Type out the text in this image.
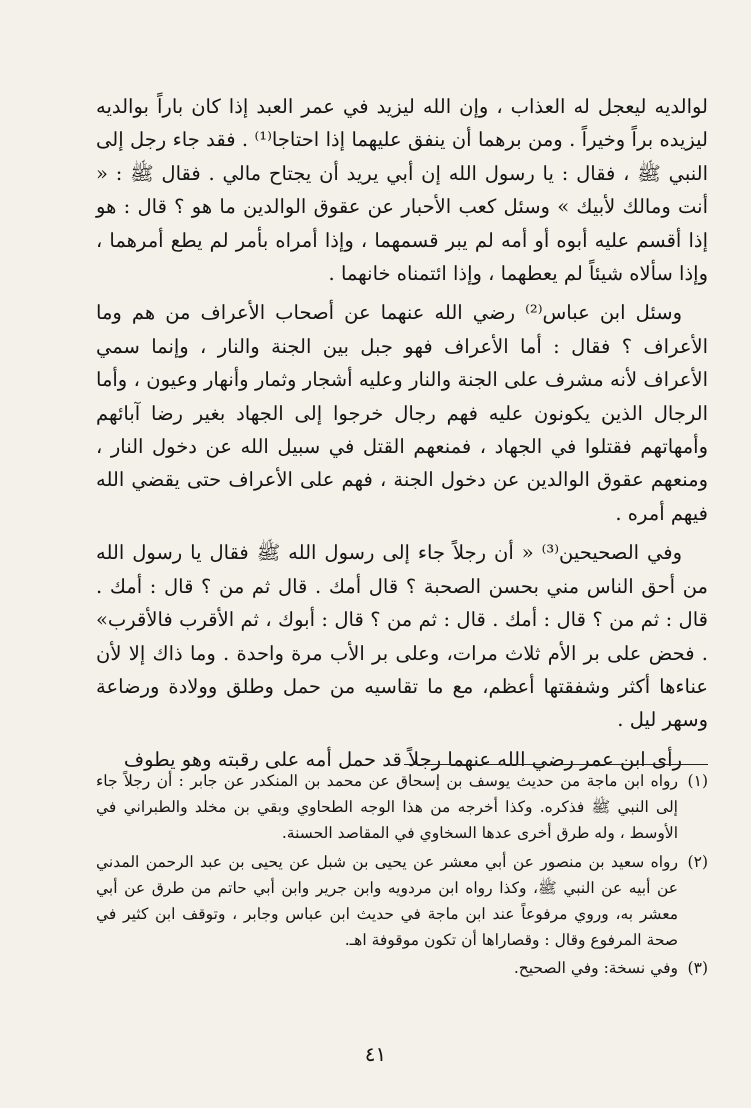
لوالديه ليعجل له العذاب ، وإن الله ليزيد في عمر العبد إذا كان باراً بوالديه ليزيده براً وخيراً . ومن برهما أن ينفق عليهما إذا احتاجا⁽¹⁾ . فقد جاء رجل إلى النبي ﷺ ، فقال : يا رسول الله إن أبي يريد أن يجتاح مالي . فقال ﷺ : « أنت ومالك لأبيك » وسئل كعب الأحبار عن عقوق الوالدين ما هو ؟ قال : هو إذا أقسم عليه أبوه أو أمه لم يبر قسمهما ، وإذا أمراه بأمر لم يطع أمرهما ، وإذا سألاه شيئاً لم يعطهما ، وإذا ائتمناه خانهما .

وسئل ابن عباس⁽²⁾ رضي الله عنهما عن أصحاب الأعراف من هم وما الأعراف ؟ فقال : أما الأعراف فهو جبل بين الجنة والنار ، وإنما سمي الأعراف لأنه مشرف على الجنة والنار وعليه أشجار وثمار وأنهار وعيون ، وأما الرجال الذين يكونون عليه فهم رجال خرجوا إلى الجهاد بغير رضا آبائهم وأمهاتهم فقتلوا في الجهاد ، فمنعهم القتل في سبيل الله عن دخول النار ، ومنعهم عقوق الوالدين عن دخول الجنة ، فهم على الأعراف حتى يقضي الله فيهم أمره .

وفي الصحيحين⁽³⁾ « أن رجلاً جاء إلى رسول الله ﷺ فقال يا رسول الله من أحق الناس مني بحسن الصحبة ؟ قال أمك . قال ثم من ؟ قال : أمك . قال : ثم من ؟ قال : أمك . قال : ثم من ؟ قال : أبوك ، ثم الأقرب فالأقرب» . فحض على بر الأم ثلاث مرات، وعلى بر الأب مرة واحدة . وما ذاك إلا لأن عناءها أكثر وشفقتها أعظم، مع ما تقاسيه من حمل وطلق وولادة ورضاعة وسهر ليل .

رأى ابن عمر رضي الله عنهما رجلاً قد حمل أمه على رقبته وهو يطوف

(١)
رواه ابن ماجة من حديث يوسف بن إسحاق عن محمد بن المنكدر عن جابر : أن رجلاً جاء إلى النبي ﷺ فذكره. وكذا أخرجه من هذا الوجه الطحاوي وبقي بن مخلد والطبراني في الأوسط ، وله طرق أخرى عدها السخاوي في المقاصد الحسنة.
(٢)
رواه سعيد بن منصور عن أبي معشر عن يحيى بن شبل عن يحيى بن عبد الرحمن المدني عن أبيه عن النبي ﷺ، وكذا رواه ابن مردويه وابن جرير وابن أبي حاتم من طرق عن أبي معشر به، وروي مرفوعاً عند ابن ماجة في حديث ابن عباس وجابر ، وتوقف ابن كثير في صحة المرفوع وقال : وقصاراها أن تكون موقوفة اهـ.
(٣)
وفي نسخة: وفي الصحيح.
٤١
